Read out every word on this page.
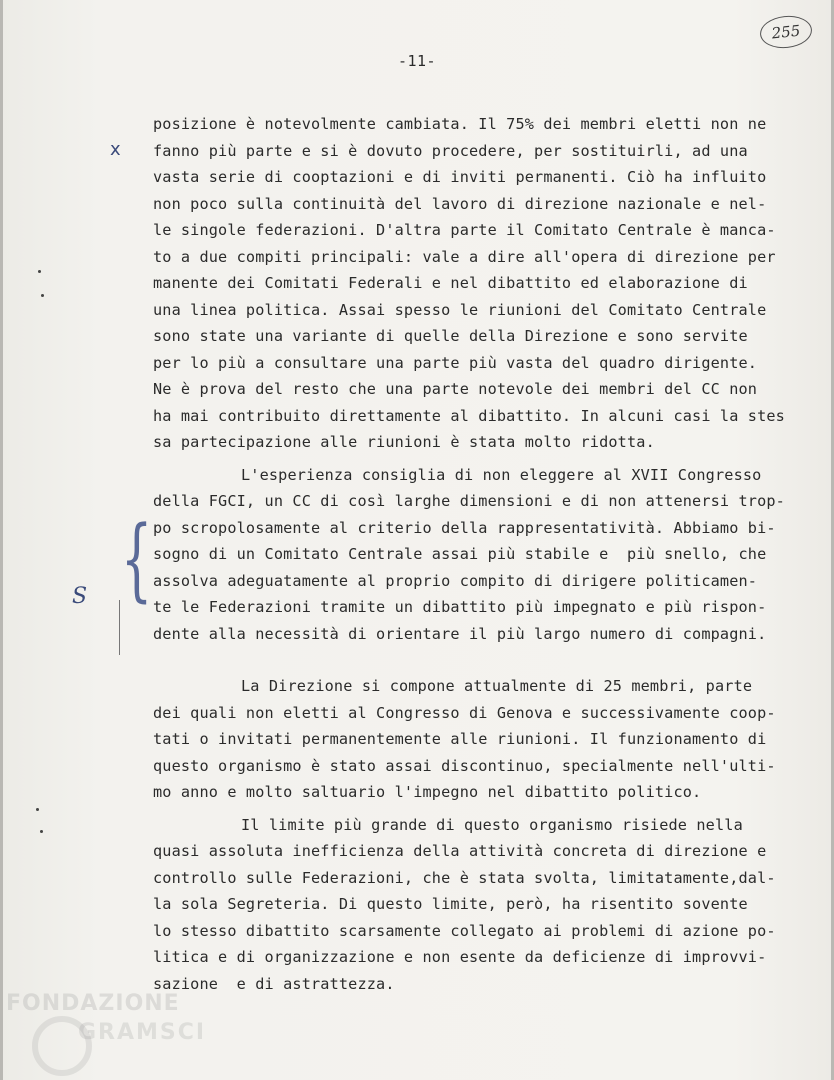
255
-11-
x
{
S
posizione è notevolmente cambiata. Il 75% dei membri eletti non ne
fanno più parte e si è dovuto procedere, per sostituirli, ad una
vasta serie di cooptazioni e di inviti permanenti. Ciò ha influito
non poco sulla continuità del lavoro di direzione nazionale e nel-
le singole federazioni. D'altra parte il Comitato Centrale è manca-
to a due compiti principali: vale a dire all'opera di direzione per
manente dei Comitati Federali e nel dibattito ed elaborazione di
una linea politica. Assai spesso le riunioni del Comitato Centrale
sono state una variante di quelle della Direzione e sono servite
per lo più a consultare una parte più vasta del quadro dirigente.
Ne è prova del resto che una parte notevole dei membri del CC non
ha mai contribuito direttamente al dibattito. In alcuni casi la stes
sa partecipazione alle riunioni è stata molto ridotta.
L'esperienza consiglia di non eleggere al XVII Congresso
della FGCI, un CC di così larghe dimensioni e di non attenersi trop-
po scropolosamente al criterio della rappresentatività. Abbiamo bi-
sogno di un Comitato Centrale assai più stabile e  più snello, che
assolva adeguatamente al proprio compito di dirigere politicamen-
te le Federazioni tramite un dibattito più impegnato e più rispon-
dente alla necessità di orientare il più largo numero di compagni.
La Direzione si compone attualmente di 25 membri, parte
dei quali non eletti al Congresso di Genova e successivamente coop-
tati o invitati permanentemente alle riunioni. Il funzionamento di
questo organismo è stato assai discontinuo, specialmente nell'ulti-
mo anno e molto saltuario l'impegno nel dibattito politico.
Il limite più grande di questo organismo risiede nella
quasi assoluta inefficienza della attività concreta di direzione e
controllo sulle Federazioni, che è stata svolta, limitatamente,dal-
la sola Segreteria. Di questo limite, però, ha risentito sovente
lo stesso dibattito scarsamente collegato ai problemi di azione po-
litica e di organizzazione e non esente da deficienze di improvvi-
sazione  e di astrattezza.
FONDAZIONE
GRAMSCI
